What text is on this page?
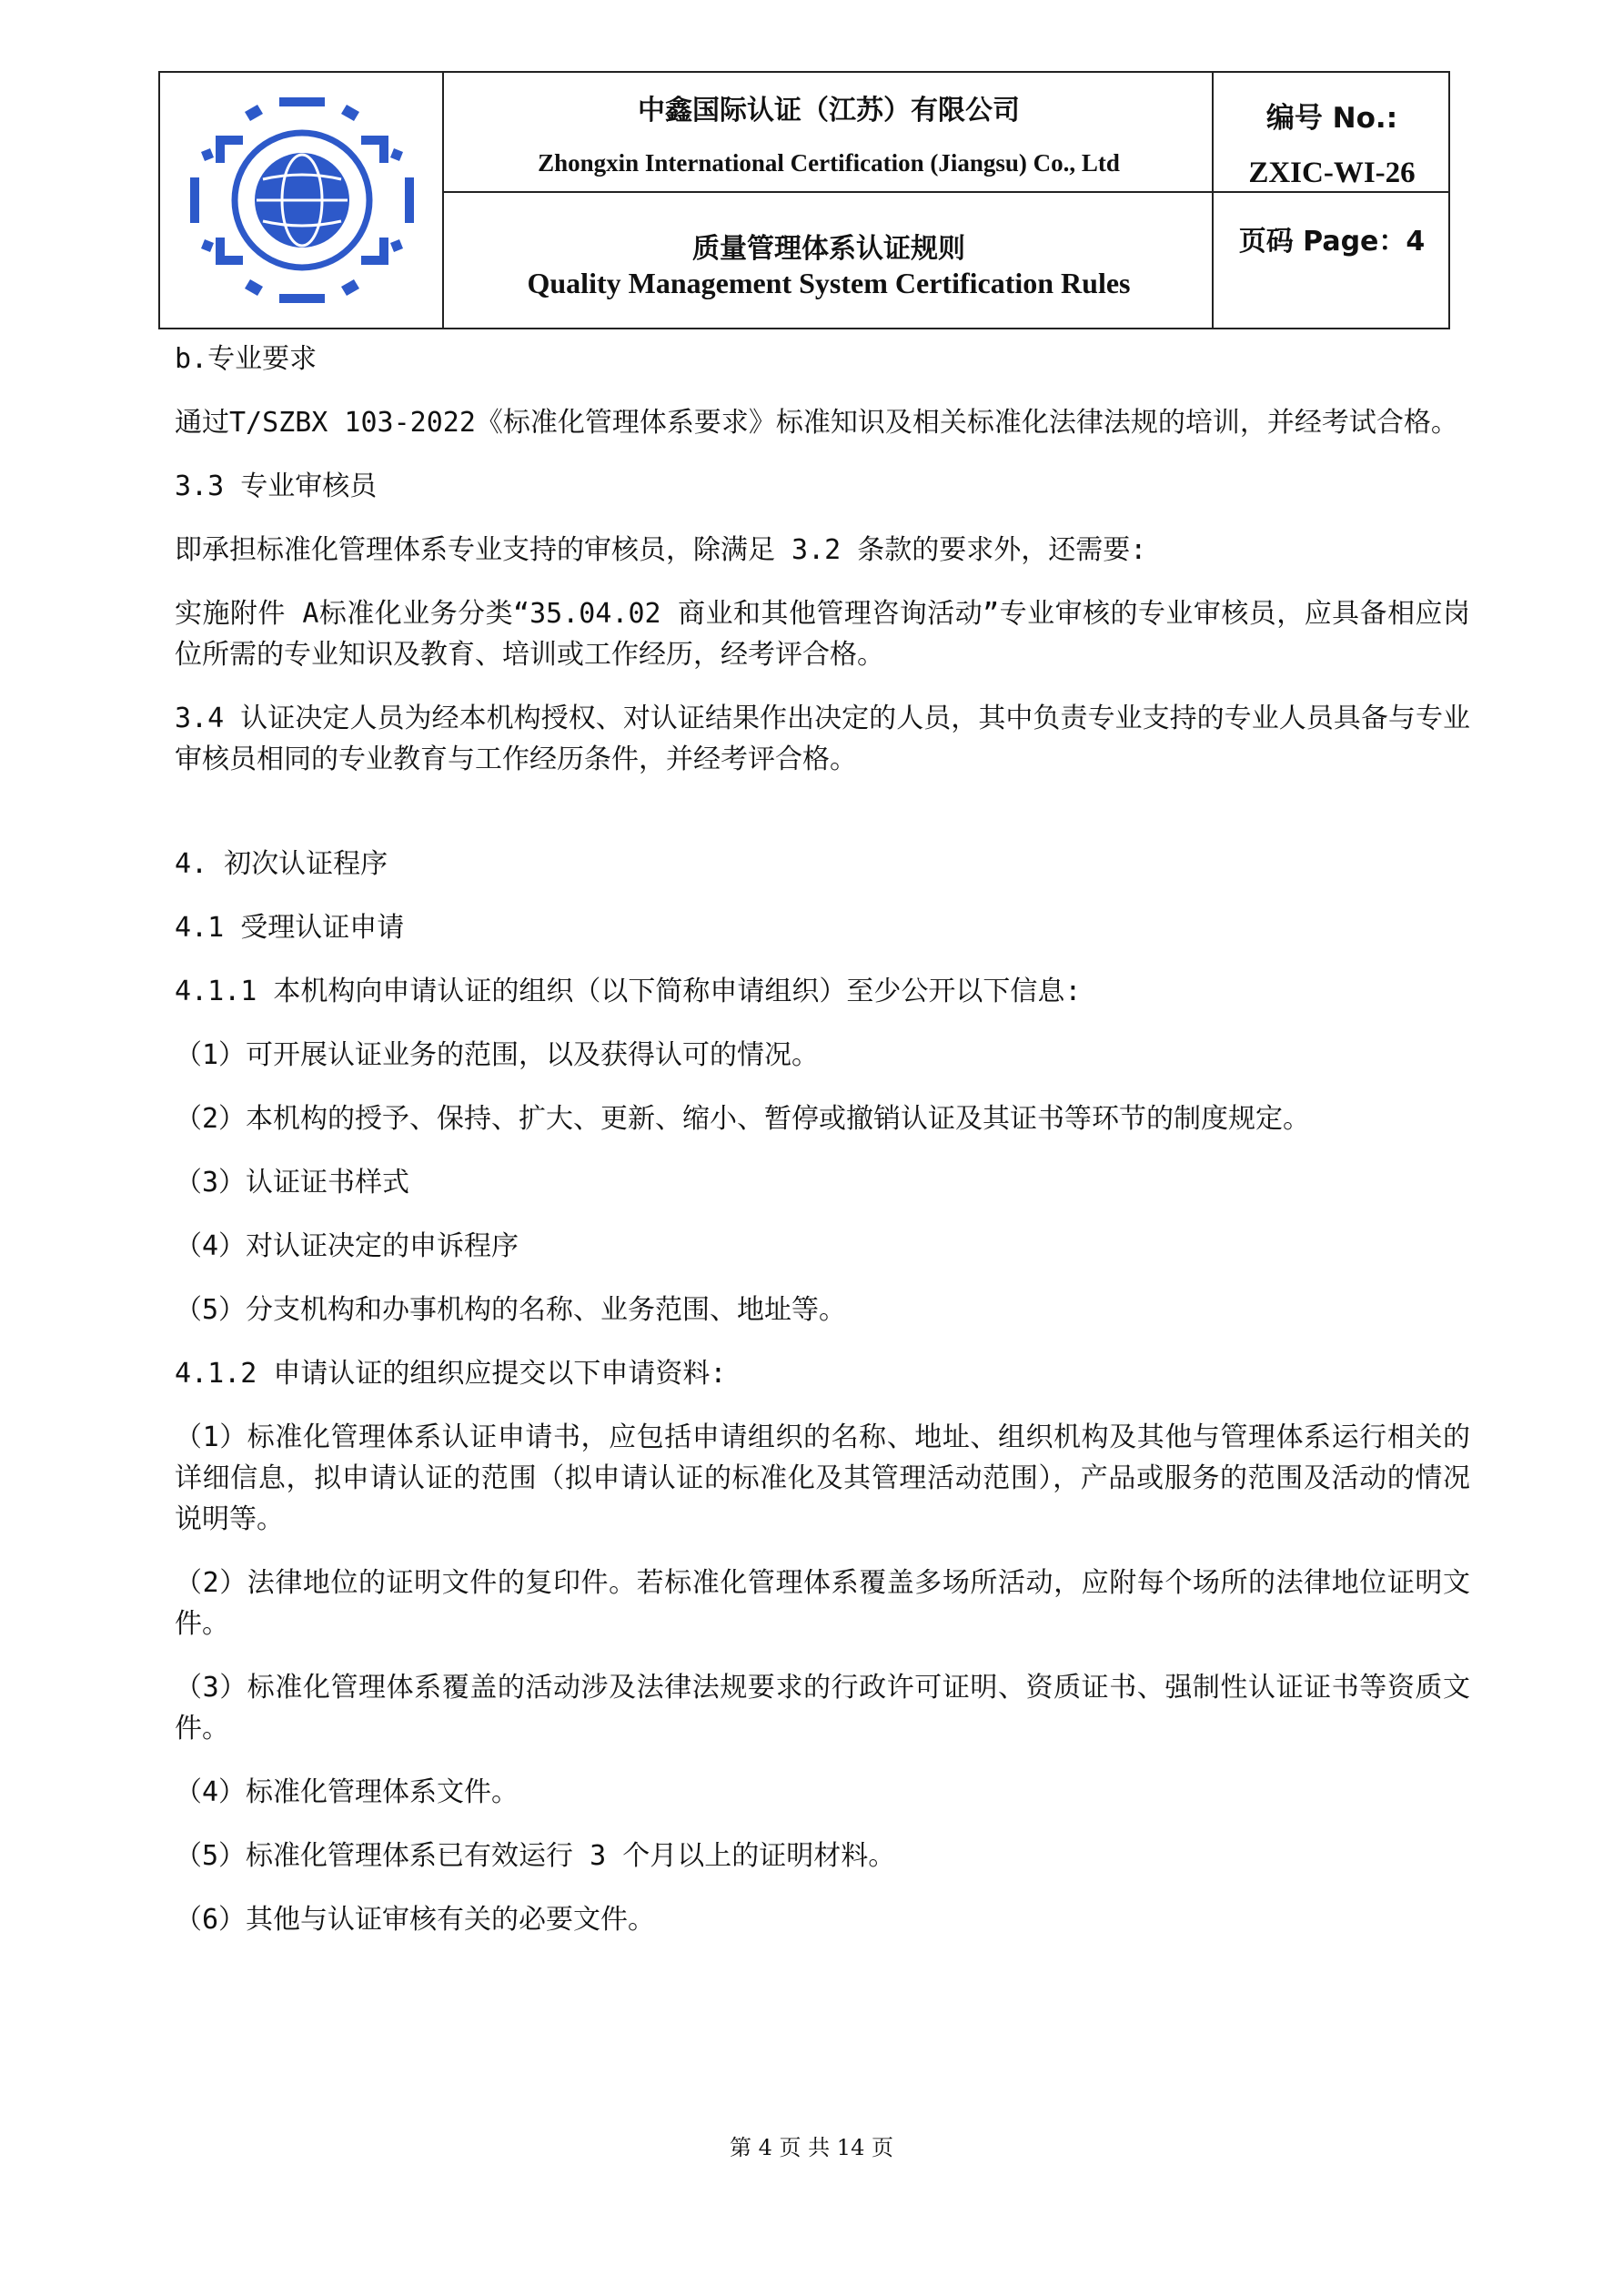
中鑫国际认证（江苏）有限公司
Zhongxin International Certification (Jiangsu) Co., Ltd
质量管理体系认证规则
Quality Management System Certification Rules
编号 No.:
ZXIC-WI-26
页码 Page：4

b.专业要求

通过T/SZBX 103-2022《标准化管理体系要求》标准知识及相关标准化法律法规的培训，并经考试合格。

3.3 专业审核员

即承担标准化管理体系专业支持的审核员，除满足 3.2 条款的要求外，还需要:

实施附件 A标准化业务分类“35.04.02 商业和其他管理咨询活动”专业审核的专业审核员，应具备相应岗位所需的专业知识及教育、培训或工作经历，经考评合格。

3.4 认证决定人员为经本机构授权、对认证结果作出决定的人员，其中负责专业支持的专业人员具备与专业审核员相同的专业教育与工作经历条件，并经考评合格。

4. 初次认证程序

4.1 受理认证申请

4.1.1 本机构向申请认证的组织（以下简称申请组织）至少公开以下信息:

（1）可开展认证业务的范围，以及获得认可的情况。

（2）本机构的授予、保持、扩大、更新、缩小、暂停或撤销认证及其证书等环节的制度规定。

（3）认证证书样式

（4）对认证决定的申诉程序

（5）分支机构和办事机构的名称、业务范围、地址等。

4.1.2 申请认证的组织应提交以下申请资料:

（1）标准化管理体系认证申请书，应包括申请组织的名称、地址、组织机构及其他与管理体系运行相关的详细信息，拟申请认证的范围（拟申请认证的标准化及其管理活动范围），产品或服务的范围及活动的情况说明等。

（2）法律地位的证明文件的复印件。若标准化管理体系覆盖多场所活动，应附每个场所的法律地位证明文件。

（3）标准化管理体系覆盖的活动涉及法律法规要求的行政许可证明、资质证书、强制性认证证书等资质文件。

（4）标准化管理体系文件。

（5）标准化管理体系已有效运行 3 个月以上的证明材料。

（6）其他与认证审核有关的必要文件。

第 4 页 共 14 页
